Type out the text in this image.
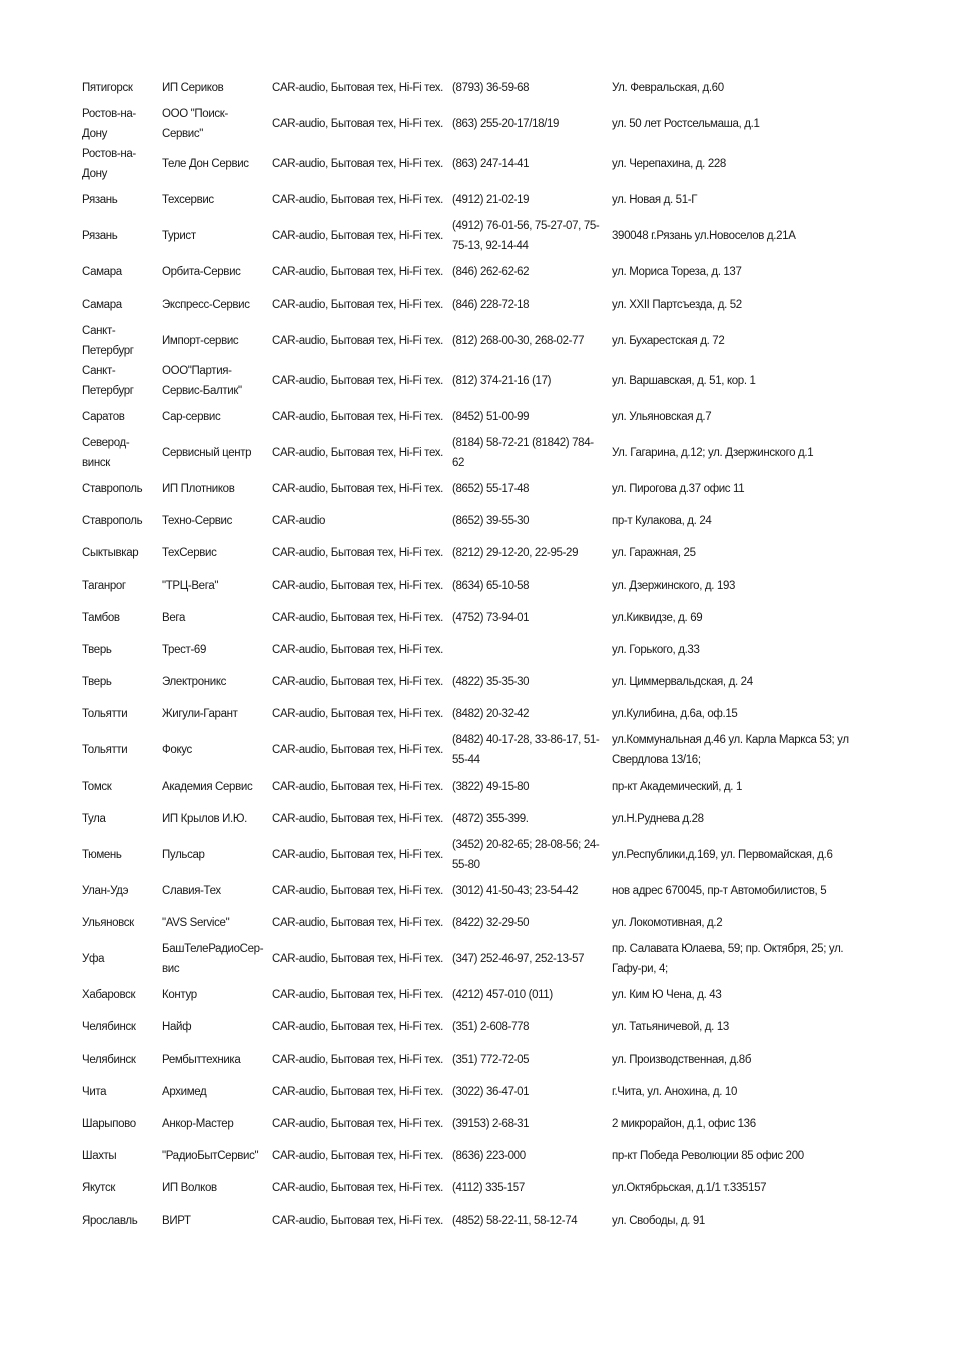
Пятигорск	ИП Сериков	CAR-audio, Бытовая тех, Hi-Fi тех.	(8793) 36-59-68	Ул. Февральская, д.60
Ростов-на-Дону	ООО "Поиск-Сервис"	CAR-audio, Бытовая тех, Hi-Fi тех.	(863) 255-20-17/18/19	ул. 50 лет Ростсельмаша, д.1
Ростов-на-Дону	Теле Дон Сервис	CAR-audio, Бытовая тех, Hi-Fi тех.	(863) 247-14-41	ул. Черепахина, д. 228
Рязань	Техсервис	CAR-audio, Бытовая тех, Hi-Fi тех.	(4912) 21-02-19	ул. Новая д. 51-Г
Рязань	Турист	CAR-audio, Бытовая тех, Hi-Fi тех.	(4912) 76-01-56, 75-27-07, 75-75-13, 92-14-44	390048 г.Рязань ул.Новоселов д.21А
Самара	Орбита-Сервис	CAR-audio, Бытовая тех, Hi-Fi тех.	(846) 262-62-62	ул. Мориса Тореза, д. 137
Самара	Экспресс-Сервис	CAR-audio, Бытовая тех, Hi-Fi тех.	(846) 228-72-18	ул. XXII Партсъезда, д. 52
Санкт-Петербург	Импорт-сервис	CAR-audio, Бытовая тех, Hi-Fi тех.	(812) 268-00-30, 268-02-77	ул. Бухарестская д. 72
Санкт-Петербург	ООО"Партия-Сервис-Балтик"	CAR-audio, Бытовая тех, Hi-Fi тех.	(812) 374-21-16 (17)	ул. Варшавская, д. 51, кор. 1
Саратов	Сар-сервис	CAR-audio, Бытовая тех, Hi-Fi тех.	(8452) 51-00-99	ул. Ульяновская д.7
Северод-винск	Сервисный центр	CAR-audio, Бытовая тех, Hi-Fi тех.	(8184) 58-72-21 (81842) 784-62	Ул. Гагарина, д.12; ул. Дзержинского д.1
Ставрополь	ИП Плотников	CAR-audio, Бытовая тех, Hi-Fi тех.	(8652) 55-17-48	ул. Пирогова д.37 офис 11
Ставрополь	Техно-Сервис	CAR-audio	(8652) 39-55-30	пр-т Кулакова, д. 24
Сыктывкар	ТехСервис	CAR-audio, Бытовая тех, Hi-Fi тех.	(8212) 29-12-20, 22-95-29	ул. Гаражная, 25
Таганрог	"ТРЦ-Вега"	CAR-audio, Бытовая тех, Hi-Fi тех.	(8634) 65-10-58	ул. Дзержинского, д. 193
Тамбов	Вега	CAR-audio, Бытовая тех, Hi-Fi тех.	(4752) 73-94-01	ул.Киквидзе, д. 69
Тверь	Трест-69	CAR-audio, Бытовая тех, Hi-Fi тех.		ул. Горького, д.33
Тверь	Электроникс	CAR-audio, Бытовая тех, Hi-Fi тех.	(4822) 35-35-30	ул. Циммервальдская, д. 24
Тольятти	Жигули-Гарант	CAR-audio, Бытовая тех, Hi-Fi тех.	(8482) 20-32-42	ул.Кулибина, д.6а, оф.15
Тольятти	Фокус	CAR-audio, Бытовая тех, Hi-Fi тех.	(8482) 40-17-28, 33-86-17, 51-55-44	ул.Коммунальная д.46 ул. Карла Маркса 53; ул Свердлова 13/16;
Томск	Академия Сервис	CAR-audio, Бытовая тех, Hi-Fi тех.	(3822) 49-15-80	пр-кт Академический, д. 1
Тула	ИП Крылов И.Ю.	CAR-audio, Бытовая тех, Hi-Fi тех.	(4872) 355-399.	ул.Н.Руднева д.28
Тюмень	Пульсар	CAR-audio, Бытовая тех, Hi-Fi тех.	(3452) 20-82-65; 28-08-56; 24-55-80	ул.Республики,д.169, ул. Первомайская, д.6
Улан-Удэ	Славия-Тех	CAR-audio, Бытовая тех, Hi-Fi тех.	(3012) 41-50-43; 23-54-42	нов адрес 670045, пр-т Автомобилистов, 5
Ульяновск	"AVS Service"	CAR-audio, Бытовая тех, Hi-Fi тех.	(8422) 32-29-50	ул. Локомотивная, д.2
Уфа	БашТелеРадиоСер-вис	CAR-audio, Бытовая тех, Hi-Fi тех.	(347) 252-46-97, 252-13-57	пр. Салавата Юлаева, 59; пр. Октября, 25; ул. Гафу-ри, 4;
Хабаровск	Контур	CAR-audio, Бытовая тех, Hi-Fi тех.	(4212) 457-010 (011)	ул. Ким Ю Чена, д. 43
Челябинск	Найф	CAR-audio, Бытовая тех, Hi-Fi тех.	(351) 2-608-778	ул. Татьяничевой, д. 13
Челябинск	Рембыттехника	CAR-audio, Бытовая тех, Hi-Fi тех.	(351) 772-72-05	ул. Производственная, д.8б
Чита	Архимед	CAR-audio, Бытовая тех, Hi-Fi тех.	(3022) 36-47-01	г.Чита, ул. Анохина, д. 10
Шарыпово	Анкор-Мастер	CAR-audio, Бытовая тех, Hi-Fi тех.	(39153) 2-68-31	2 микрорайон, д.1, офис 136
Шахты	"РадиоБытСервис"	CAR-audio, Бытовая тех, Hi-Fi тех.	(8636) 223-000	пр-кт Победа Революции 85 офис 200
Якутск	ИП Волков	CAR-audio, Бытовая тех, Hi-Fi тех.	(4112) 335-157	ул.Октябрьская, д.1/1 т.335157
Ярославль	ВИРТ	CAR-audio, Бытовая тех, Hi-Fi тех.	(4852) 58-22-11, 58-12-74	ул. Свободы, д. 91
